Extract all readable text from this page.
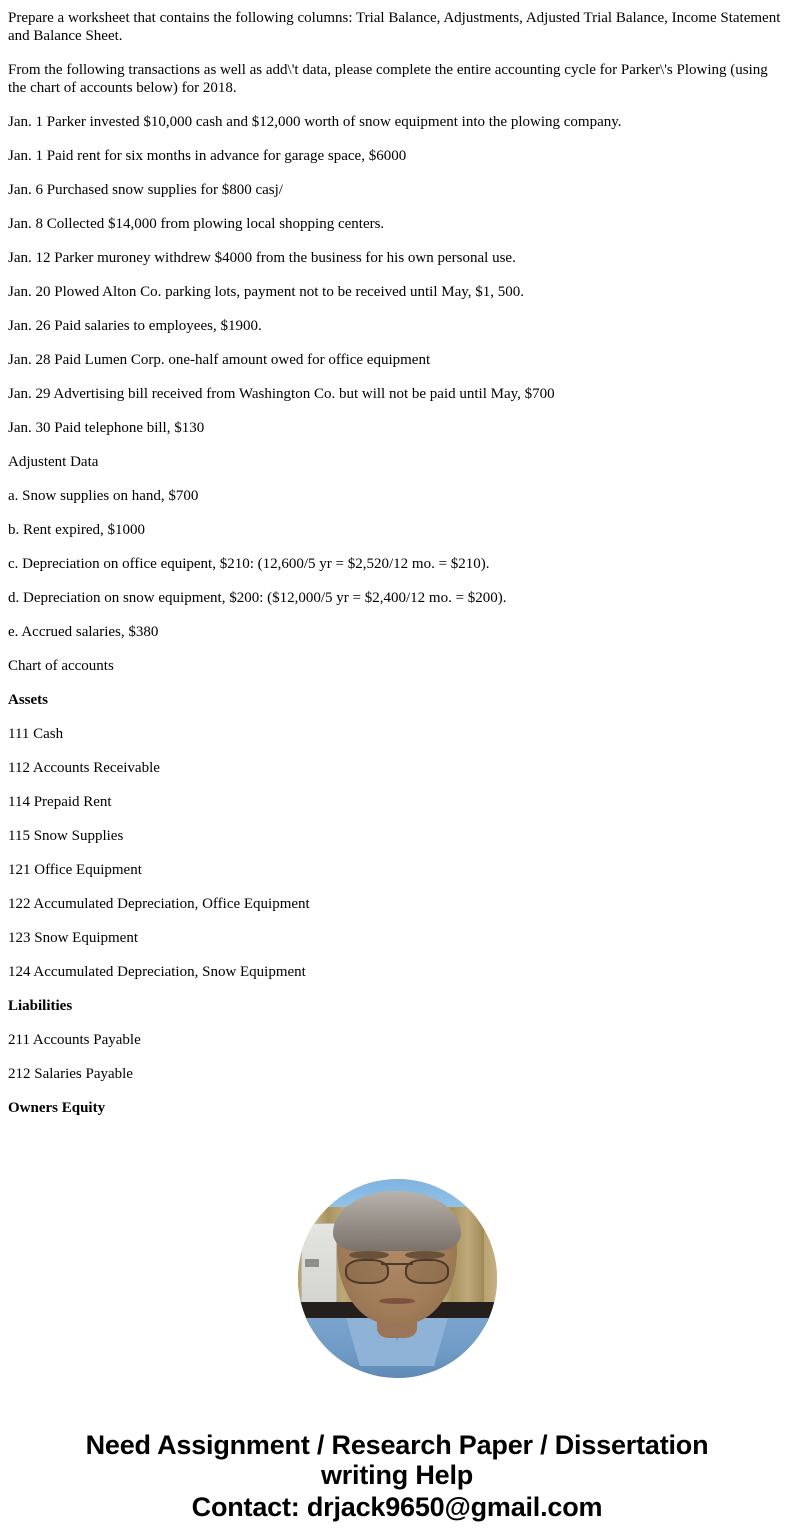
Prepare a worksheet that contains the following columns: Trial Balance, Adjustments, Adjusted Trial Balance, Income Statement and Balance Sheet.

From the following transactions as well as add\'t data, please complete the entire accounting cycle for Parker\'s Plowing (using the chart of accounts below) for 2018.

Jan. 1 Parker invested $10,000 cash and $12,000 worth of snow equipment into the plowing company.

Jan. 1 Paid rent for six months in advance for garage space, $6000

Jan. 6 Purchased snow supplies for $800 casj/

Jan. 8 Collected $14,000 from plowing local shopping centers.

Jan. 12 Parker muroney withdrew $4000 from the business for his own personal use.

Jan. 20 Plowed Alton Co. parking lots, payment not to be received until May, $1, 500.

Jan. 26 Paid salaries to employees, $1900.

Jan. 28 Paid Lumen Corp. one-half amount owed for office equipment

Jan. 29 Advertising bill received from Washington Co. but will not be paid until May, $700

Jan. 30 Paid telephone bill, $130

Adjustent Data

a. Snow supplies on hand, $700

b. Rent expired, $1000

c. Depreciation on office equipent, $210: (12,600/5 yr = $2,520/12 mo. = $210).

d. Depreciation on snow equipment, $200: ($12,000/5 yr = $2,400/12 mo. = $200).

e. Accrued salaries, $380

Chart of accounts

Assets

111 Cash

112 Accounts Receivable

114 Prepaid Rent

115 Snow Supplies

121 Office Equipment

122 Accumulated Depreciation, Office Equipment

123 Snow Equipment

124 Accumulated Depreciation, Snow Equipment

Liabilities

211 Accounts Payable

212 Salaries Payable

Owners Equity

Need Assignment / Research Paper / Dissertation
writing Help
Contact: drjack9650@gmail.com
